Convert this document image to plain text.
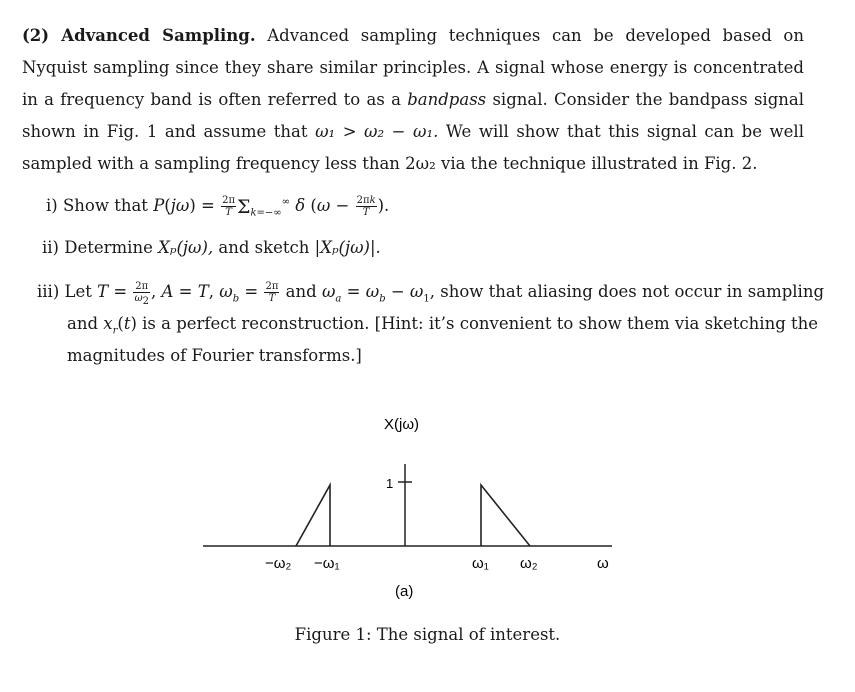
(2) Advanced Sampling. Advanced sampling techniques can be developed based on Nyquist sampling since they share similar principles. A signal whose energy is concentrated in a frequency band is often referred to as a bandpass signal. Consider the bandpass signal shown in Fig. 1 and assume that ω₁ > ω₂ − ω₁. We will show that this signal can be well sampled with a sampling frequency less than 2ω₂ via the technique illustrated in Fig. 2.
i) Show that $P(j\omega) = \frac{2\pi}{T} \Sigma_{k=-\infty}^\infty$ δ ($\omega - \frac{2\pi k}{T}$ ).
ii) Determine Xₚ(jω), and sketch |Xₚ(jω)|.
iii) Let $T = \frac{2\pi}{\omega_2}$ , A = T, $\omega_b = \frac{2\pi}{T}$ and $\omega_a = \omega_b - \omega_1$, show that aliasing does not occur in sampling
and $x_r(t)$ is a perfect reconstruction. [Hint: it’s convenient to show them via sketching the
magnitudes of Fourier transforms.]
X(jω)
1
−ω₂ −ω₁	ω₁ ω₂	ω
(a)
Figure 1: The signal of interest.
